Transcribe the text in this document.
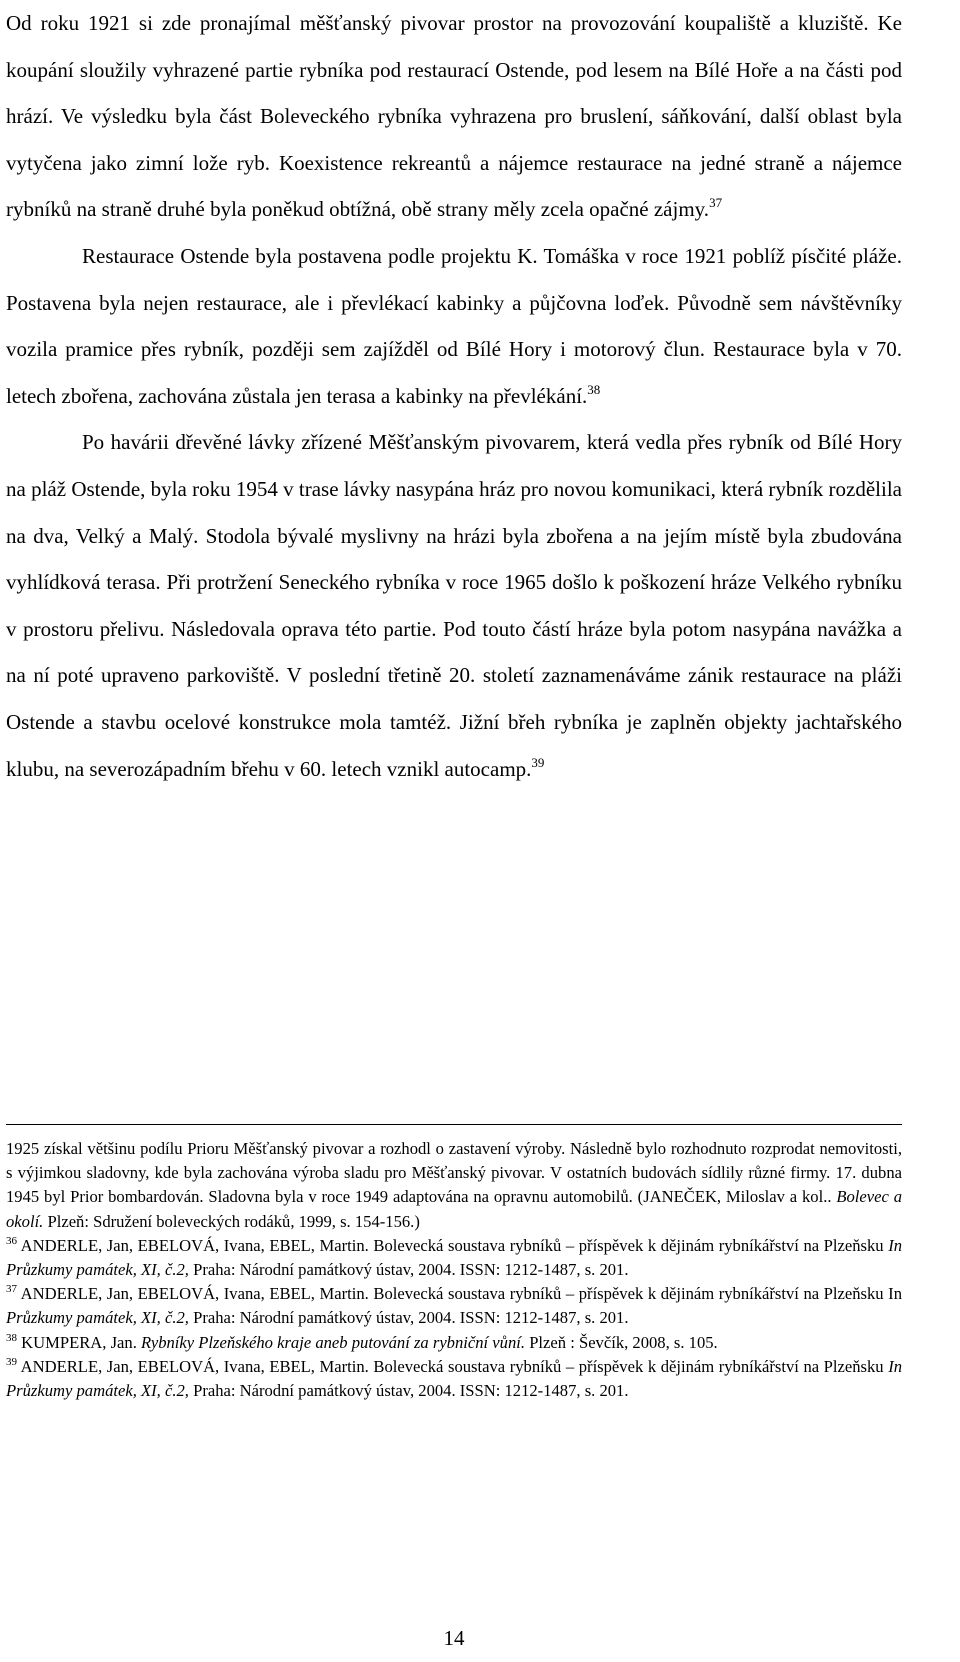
Od roku 1921 si zde pronajímal měšťanský pivovar prostor na provozování koupaliště a kluziště. Ke koupání sloužily vyhrazené partie rybníka pod restaurací Ostende, pod lesem na Bílé Hoře a na části pod hrází. Ve výsledku byla část Boleveckého rybníka vyhrazena pro bruslení, sáňkování, další oblast byla vytyčena jako zimní lože ryb. Koexistence rekreantů a nájemce restaurace na jedné straně a nájemce rybníků na straně druhé byla poněkud obtížná, obě strany měly zcela opačné zájmy.$^{37}$

Restaurace Ostende byla postavena podle projektu K. Tomáška v roce 1921 poblíž písčité pláže. Postavena byla nejen restaurace, ale i převlékací kabinky a půjčovna loďek. Původně sem návštěvníky vozila pramice přes rybník, později sem zajížděl od Bílé Hory i motorový člun. Restaurace byla v 70. letech zbořena, zachována zůstala jen terasa a kabinky na převlékání.$^{38}$

Po havárii dřevěné lávky zřízené Měšťanským pivovarem, která vedla přes rybník od Bílé Hory na pláž Ostende, byla roku 1954 v trase lávky nasypána hráz pro novou komunikaci, která rybník rozdělila na dva, Velký a Malý. Stodola bývalé myslivny na hrázi byla zbořena a na jejím místě byla zbudována vyhlídková terasa. Při protržení Seneckého rybníka v roce 1965 došlo k poškození hráze Velkého rybníku v prostoru přelivu. Následovala oprava této partie. Pod touto částí hráze byla potom nasypána navážka a na ní poté upraveno parkoviště. V poslední třetině 20. století zaznamenáváme zánik restaurace na pláži Ostende a stavbu ocelové konstrukce mola tamtéž. Jižní břeh rybníka je zaplněn objekty jachtařského klubu, na severozápadním břehu v 60. letech vznikl autocamp.$^{39}$

1925 získal většinu podílu Prioru Měšťanský pivovar a rozhodl o zastavení výroby. Následně bylo rozhodnuto rozprodat nemovitosti, s výjimkou sladovny, kde byla zachována výroba sladu pro Měšťanský pivovar. V ostatních budovách sídlily různé firmy. 17. dubna 1945 byl Prior bombardován. Sladovna byla v roce 1949 adaptována na opravnu automobilů. (JANEČEK, Miloslav a kol.. Bolevec a okolí. Plzeň: Sdružení boleveckých rodáků, 1999, s. 154-156.)

$^{36}$ ANDERLE, Jan, EBELOVÁ, Ivana, EBEL, Martin. Bolevecká soustava rybníků – příspěvek k dějinám rybníkářství na Plzeňsku In Průzkumy památek, XI, č.2, Praha: Národní památkový ústav, 2004. ISSN: 1212-1487, s. 201.

$^{37}$ ANDERLE, Jan, EBELOVÁ, Ivana, EBEL, Martin. Bolevecká soustava rybníků – příspěvek k dějinám rybníkářství na Plzeňsku In Průzkumy památek, XI, č.2, Praha: Národní památkový ústav, 2004. ISSN: 1212-1487, s. 201.

$^{38}$ KUMPERA, Jan. Rybníky Plzeňského kraje aneb putování za rybniční vůní. Plzeň : Ševčík, 2008, s. 105.

$^{39}$ ANDERLE, Jan, EBELOVÁ, Ivana, EBEL, Martin. Bolevecká soustava rybníků – příspěvek k dějinám rybníkářství na Plzeňsku In Průzkumy památek, XI, č.2, Praha: Národní památkový ústav, 2004. ISSN: 1212-1487, s. 201.

14
